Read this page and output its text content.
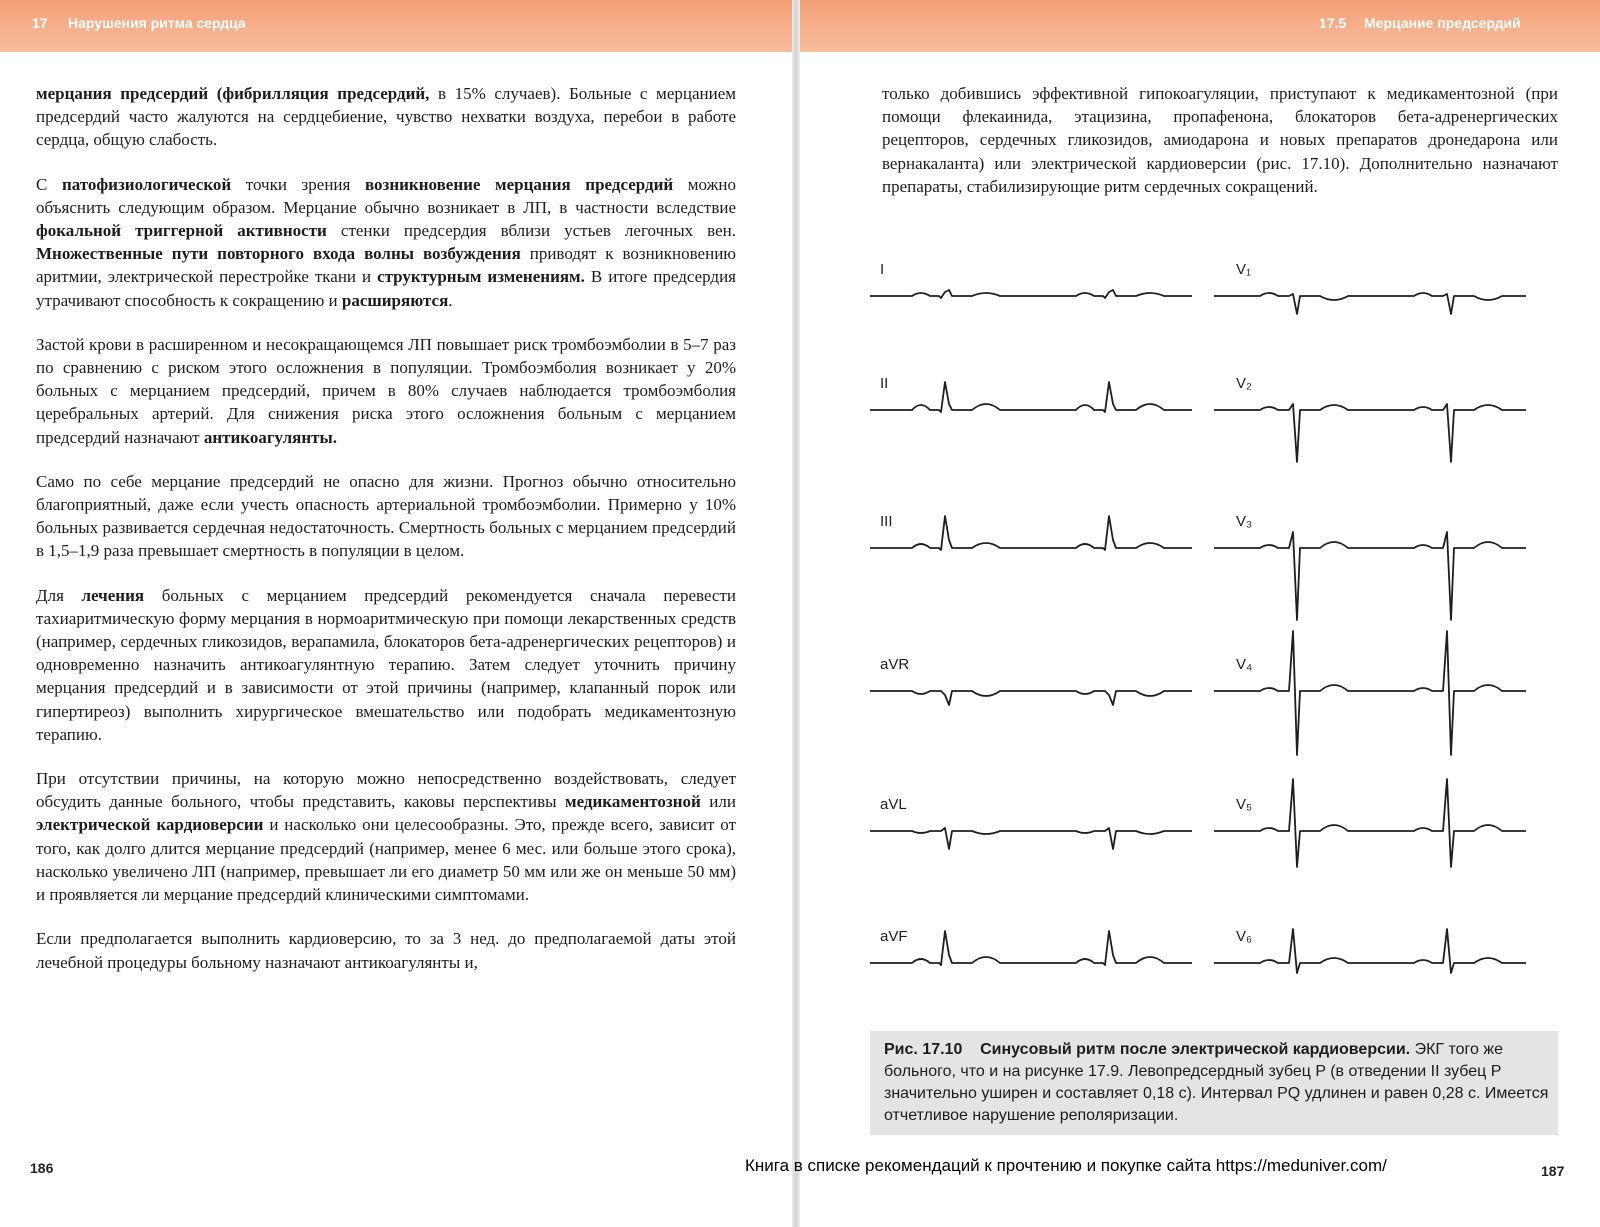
17 Нарушения ритма сердца	17.5 Мерцание предсердий

мерцания предсердий (фибрилляция предсердий, в 15% случаев). Больные с мерцанием предсердий часто жалуются на сердцебиение, чувство нехватки воздуха, перебои в работе сердца, общую слабость.

С патофизиологической точки зрения возникновение мерцания предсердий можно объяснить следующим образом. Мерцание обычно возникает в ЛП, в частности вследствие фокальной триггерной активности стенки предсердия вблизи устьев легочных вен. Множественные пути повторного входа волны возбуждения приводят к возникновению аритмии, электрической перестройке ткани и структурным изменениям. В итоге предсердия утрачивают способность к сокращению и расширяются.

Застой крови в расширенном и несокращающемся ЛП повышает риск тромбоэмболии в 5–7 раз по сравнению с риском этого осложнения в популяции. Тромбоэмболия возникает у 20% больных с мерцанием предсердий, причем в 80% случаев наблюдается тромбоэмболия церебральных артерий. Для снижения риска этого осложнения больным с мерцанием предсердий назначают антикоагулянты.

Само по себе мерцание предсердий не опасно для жизни. Прогноз обычно относительно благоприятный, даже если учесть опасность артериальной тромбоэмболии. Примерно у 10% больных развивается сердечная недостаточность. Смертность больных с мерцанием предсердий в 1,5–1,9 раза превышает смертность в популяции в целом.

Для лечения больных с мерцанием предсердий рекомендуется сначала перевести тахиаритмическую форму мерцания в нормоаритмическую при помощи лекарственных средств (например, сердечных гликозидов, верапамила, блокаторов бета-адренергических рецепторов) и одновременно назначить антикоагулянтную терапию. Затем следует уточнить причину мерцания предсердий и в зависимости от этой причины (например, клапанный порок или гипертиреоз) выполнить хирургическое вмешательство или подобрать медикаментозную терапию.

При отсутствии причины, на которую можно непосредственно воздействовать, следует обсудить данные больного, чтобы представить, каковы перспективы медикаментозной или электрической кардиоверсии и насколько они целесообразны. Это, прежде всего, зависит от того, как долго длится мерцание предсердий (например, менее 6 мес. или больше этого срока), насколько увеличено ЛП (например, превышает ли его диаметр 50 мм или же он меньше 50 мм) и проявляется ли мерцание предсердий клиническими симптомами.

Если предполагается выполнить кардиоверсию, то за 3 нед. до предполагаемой даты этой лечебной процедуры больному назначают антикоагулянты и,

только добившись эффективной гипокоагуляции, приступают к медикаментозной (при помощи флекаинида, этацизина, пропафенона, блокаторов бета-адренергических рецепторов, сердечных гликозидов, амиодарона и новых препаратов дронедарона или вернакаланта) или электрической кардиоверсии (рис. 17.10). Дополнительно назначают препараты, стабилизирующие ритм сердечных сокращений.

I	V₁
II	V₂
III	V₃
aVR	V₄
aVL	V₅
aVF	V₆
Рис. 17.10 Синусовый ритм после электрической кардиоверсии. ЭКГ того же больного, что и на рисунке 17.9. Левопредсердный зубец P (в отведении II зубец P значительно уширен и составляет 0,18 с). Интервал PQ удлинен и равен 0,28 с. Имеется отчетливое нарушение реполяризации.
186	187
Книга в списке рекомендаций к прочтению и покупке сайта https://meduniver.com/
